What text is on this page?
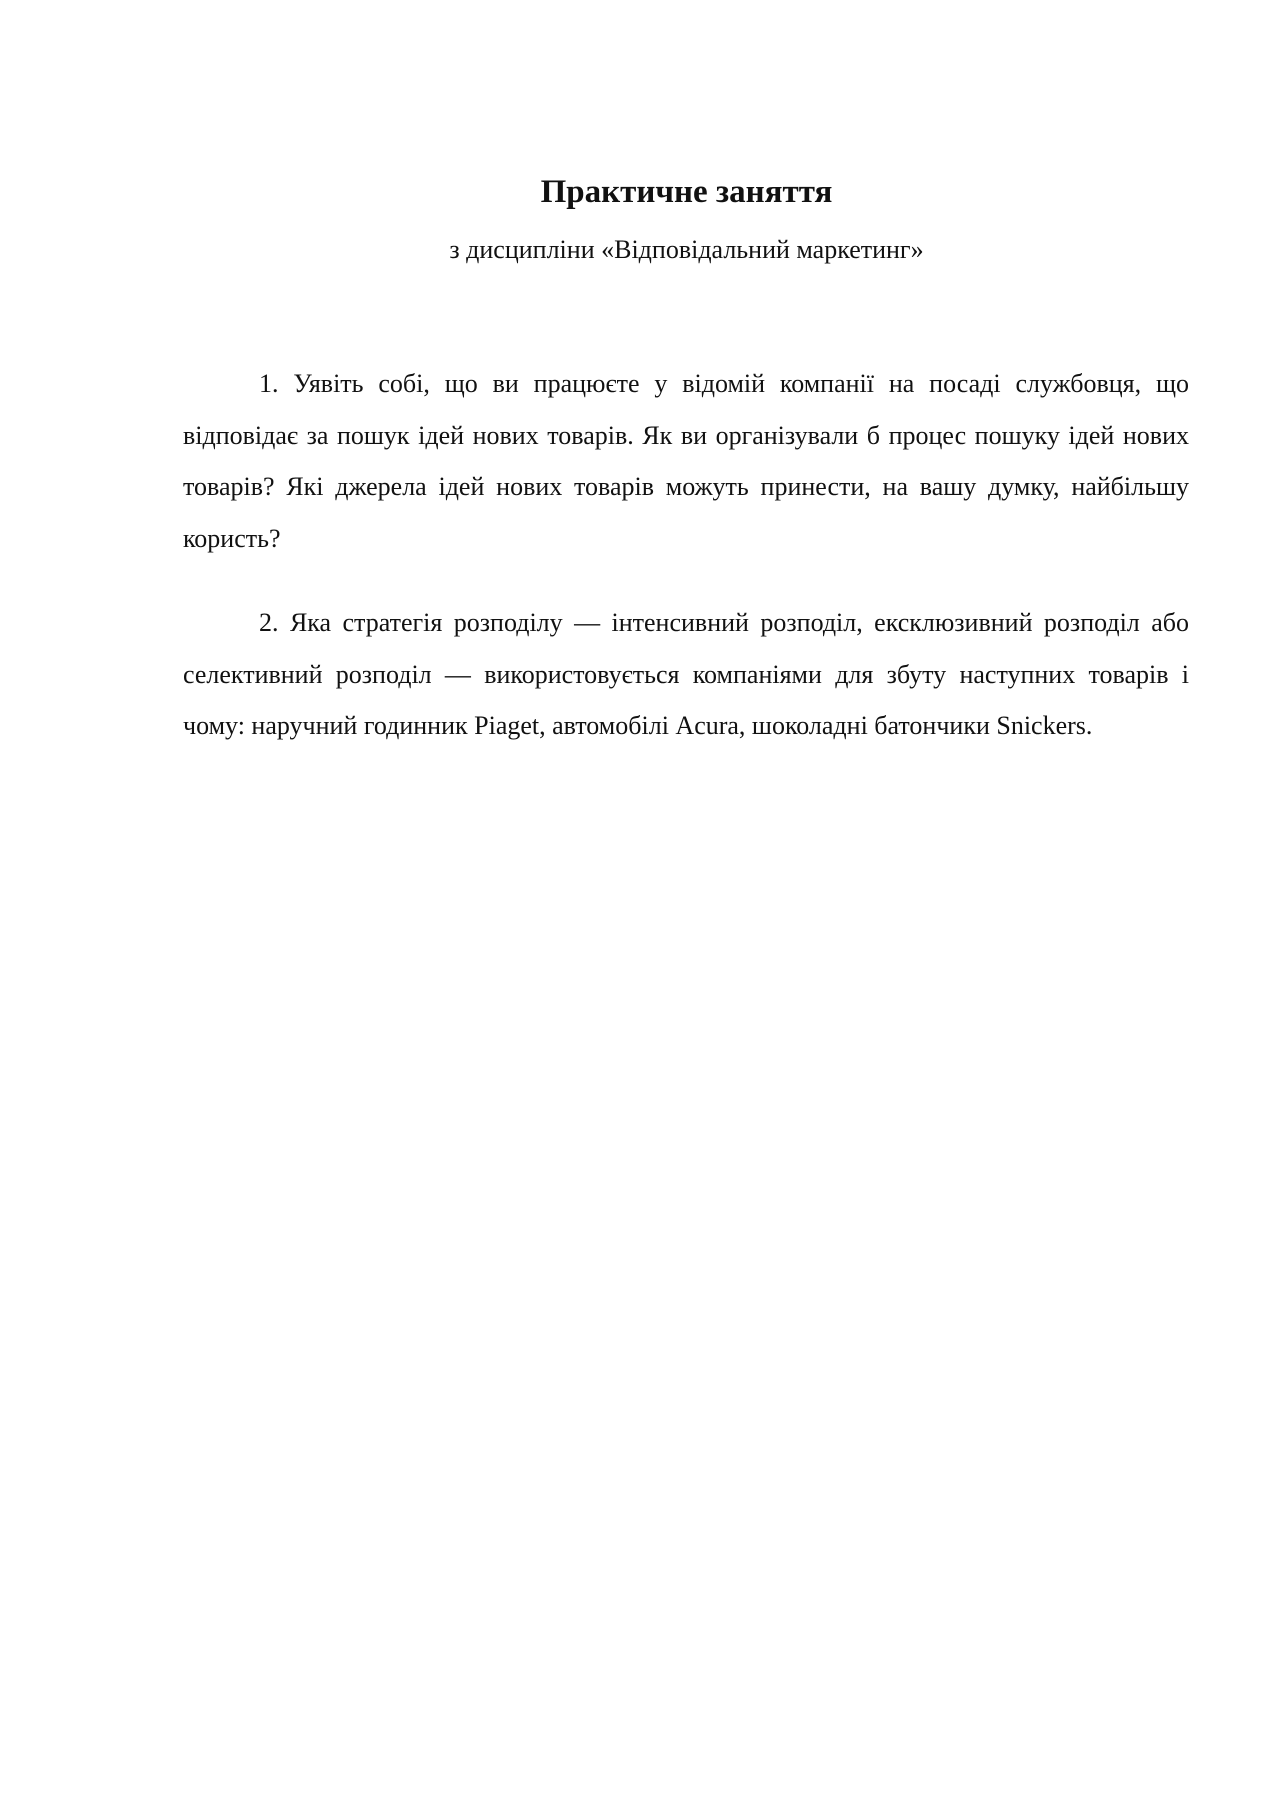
Практичне заняття

з дисципліни «Відповідальний маркетинг»

1. Уявіть собі, що ви працюєте у відомій компанії на посаді службовця, що відповідає за пошук ідей нових товарів. Як ви організували б процес пошуку ідей нових товарів? Які джерела ідей нових товарів можуть принести, на вашу думку, найбільшу користь?

2. Яка стратегія розподілу — інтенсивний розподіл, ексклюзивний розподіл або селективний розподіл — використовується компаніями для збуту наступних товарів і чому: наручний годинник Piaget, автомобілі Acura, шоколадні батончики Snickers.
